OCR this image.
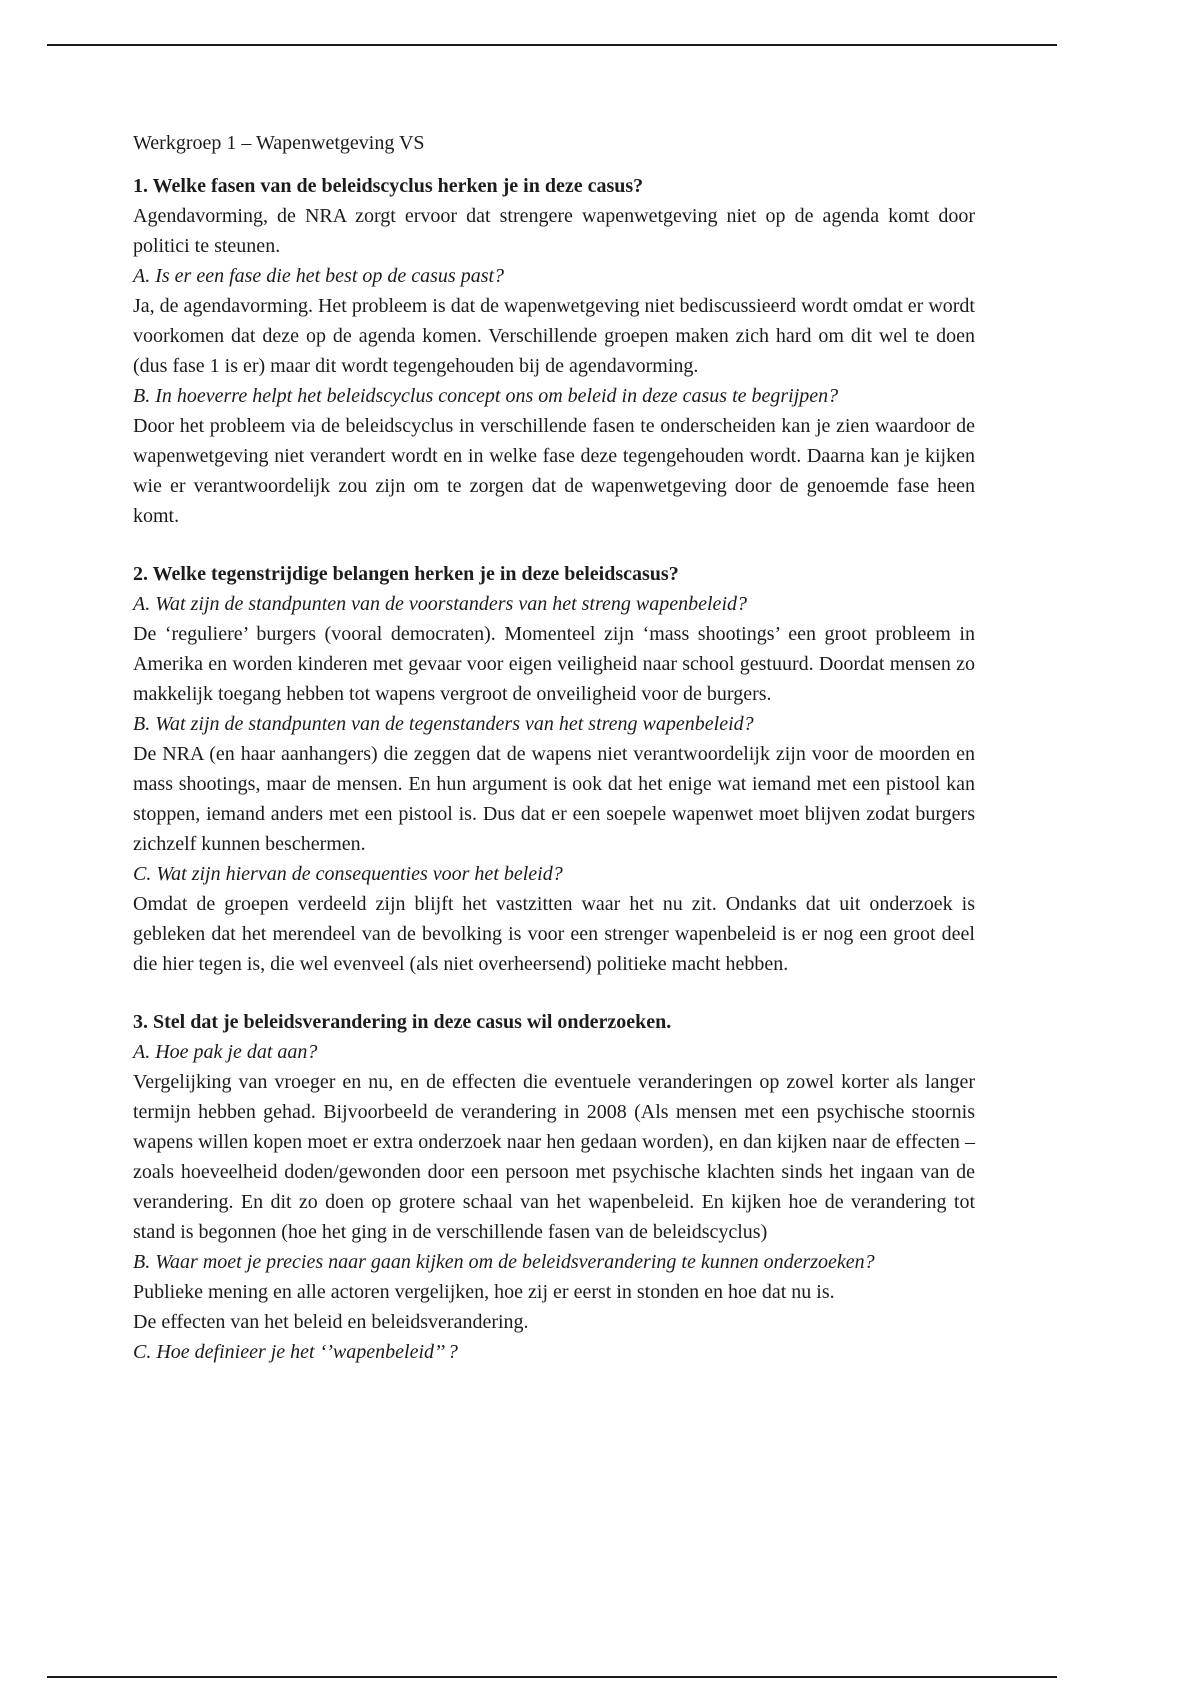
Werkgroep 1 – Wapenwetgeving VS

1. Welke fasen van de beleidscyclus herken je in deze casus?

Agendavorming, de NRA zorgt ervoor dat strengere wapenwetgeving niet op de agenda komt door politici te steunen.

A. Is er een fase die het best op de casus past?

Ja, de agendavorming. Het probleem is dat de wapenwetgeving niet bediscussieerd wordt omdat er wordt voorkomen dat deze op de agenda komen. Verschillende groepen maken zich hard om dit wel te doen (dus fase 1 is er) maar dit wordt tegengehouden bij de agendavorming.

B. In hoeverre helpt het beleidscyclus concept ons om beleid in deze casus te begrijpen?

Door het probleem via de beleidscyclus in verschillende fasen te onderscheiden kan je zien waardoor de wapenwetgeving niet verandert wordt en in welke fase deze tegengehouden wordt. Daarna kan je kijken wie er verantwoordelijk zou zijn om te zorgen dat de wapenwetgeving door de genoemde fase heen komt.

2. Welke tegenstrijdige belangen herken je in deze beleidscasus?

A. Wat zijn de standpunten van de voorstanders van het streng wapenbeleid?

De ‘reguliere’ burgers (vooral democraten). Momenteel zijn ‘mass shootings’ een groot probleem in Amerika en worden kinderen met gevaar voor eigen veiligheid naar school gestuurd. Doordat mensen zo makkelijk toegang hebben tot wapens vergroot de onveiligheid voor de burgers.

B. Wat zijn de standpunten van de tegenstanders van het streng wapenbeleid?

De NRA (en haar aanhangers) die zeggen dat de wapens niet verantwoordelijk zijn voor de moorden en mass shootings, maar de mensen. En hun argument is ook dat het enige wat iemand met een pistool kan stoppen, iemand anders met een pistool is. Dus dat er een soepele wapenwet moet blijven zodat burgers zichzelf kunnen beschermen.

C. Wat zijn hiervan de consequenties voor het beleid?

Omdat de groepen verdeeld zijn blijft het vastzitten waar het nu zit. Ondanks dat uit onderzoek is gebleken dat het merendeel van de bevolking is voor een strenger wapenbeleid is er nog een groot deel die hier tegen is, die wel evenveel (als niet overheersend) politieke macht hebben.

3. Stel dat je beleidsverandering in deze casus wil onderzoeken.

A. Hoe pak je dat aan?

Vergelijking van vroeger en nu, en de effecten die eventuele veranderingen op zowel korter als langer termijn hebben gehad. Bijvoorbeeld de verandering in 2008 (Als mensen met een psychische stoornis wapens willen kopen moet er extra onderzoek naar hen gedaan worden), en dan kijken naar de effecten – zoals hoeveelheid doden/gewonden door een persoon met psychische klachten sinds het ingaan van de verandering. En dit zo doen op grotere schaal van het wapenbeleid. En kijken hoe de verandering tot stand is begonnen (hoe het ging in de verschillende fasen van de beleidscyclus)

B. Waar moet je precies naar gaan kijken om de beleidsverandering te kunnen onderzoeken?

Publieke mening en alle actoren vergelijken, hoe zij er eerst in stonden en hoe dat nu is.

De effecten van het beleid en beleidsverandering.

C. Hoe definieer je het ‘’wapenbeleid’’ ?
